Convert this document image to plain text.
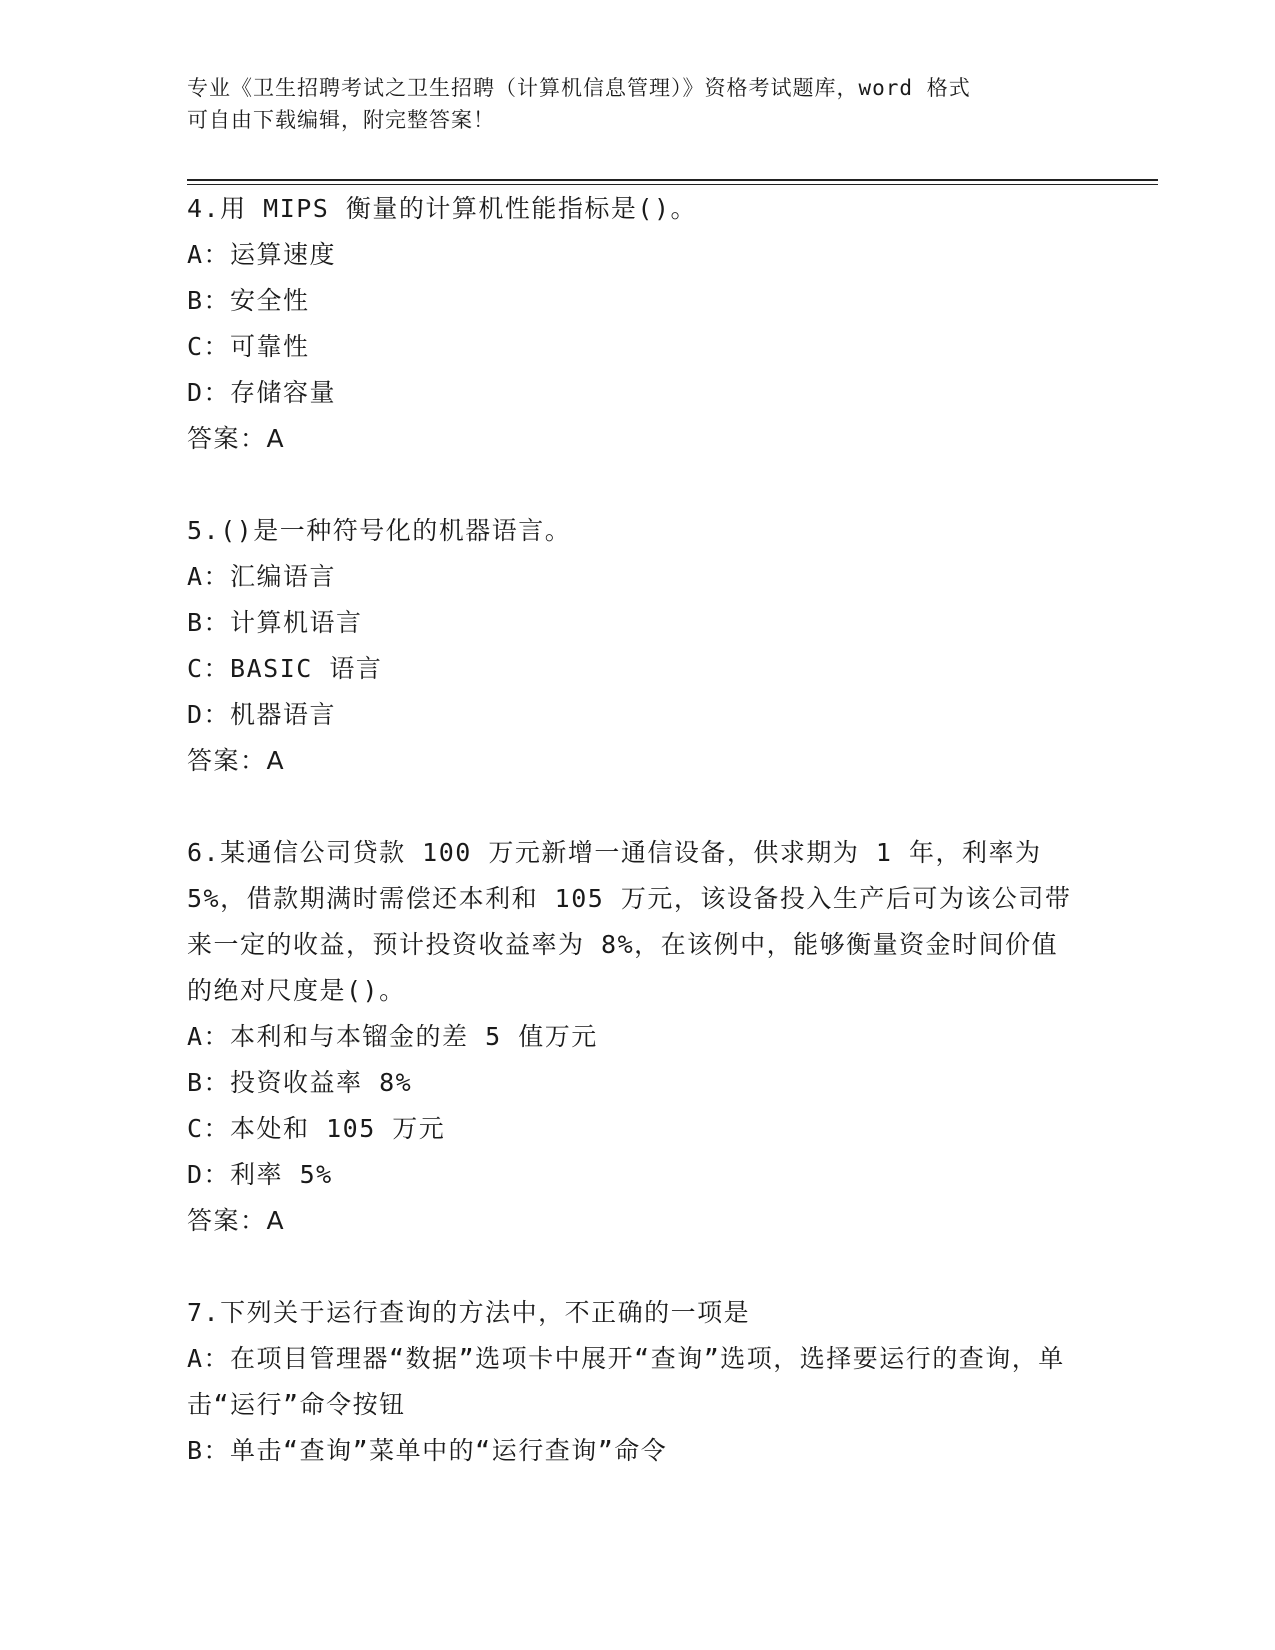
专业《卫生招聘考试之卫生招聘（计算机信息管理）》资格考试题库，word 格式
可自由下载编辑，附完整答案！

4.用 MIPS 衡量的计算机性能指标是()。

A：运算速度

B：安全性

C：可靠性

D：存储容量

答案：A

5.()是一种符号化的机器语言。

A：汇编语言

B：计算机语言

C：BASIC 语言

D：机器语言

答案：A

6.某通信公司贷款 100 万元新增一通信设备，供求期为 1 年，利率为 5%，借款期满时需偿还本利和 105 万元，该设备投入生产后可为该公司带来一定的收益，预计投资收益率为 8%，在该例中，能够衡量资金时间价值的绝对尺度是()。

A：本利和与本镏金的差 5 值万元

B：投资收益率 8%

C：本处和 105 万元

D：利率 5%

答案：A

7.下列关于运行查询的方法中，不正确的一项是

A：在项目管理器“数据”选项卡中展开“查询”选项，选择要运行的查询，单击“运行”命令按钮

B：单击“查询”菜单中的“运行查询”命令
